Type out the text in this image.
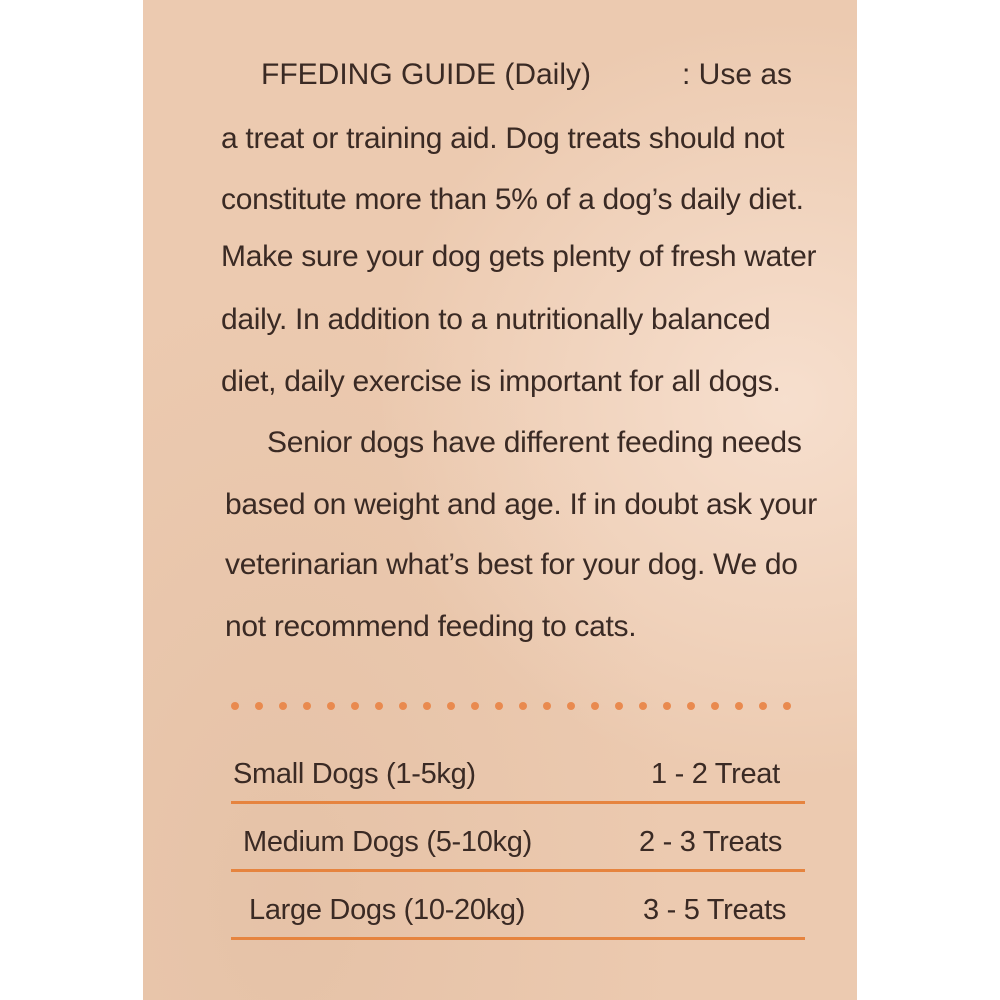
FFEDING GUIDE (Daily)	: Use as
a treat or training aid. Dog treats should not
constitute more than 5% of a dog’s daily diet.
Make sure your dog gets plenty of fresh water
daily. In addition to a nutritionally balanced
diet, daily exercise is important for all dogs.
Senior dogs have different feeding needs
based on weight and age. If in doubt ask your
veterinarian what’s best for your dog. We do
not recommend feeding to cats.
Small Dogs (1-5kg)	1 - 2 Treat
Medium Dogs (5-10kg)	2 - 3 Treats
Large Dogs (10-20kg)	3 - 5 Treats
